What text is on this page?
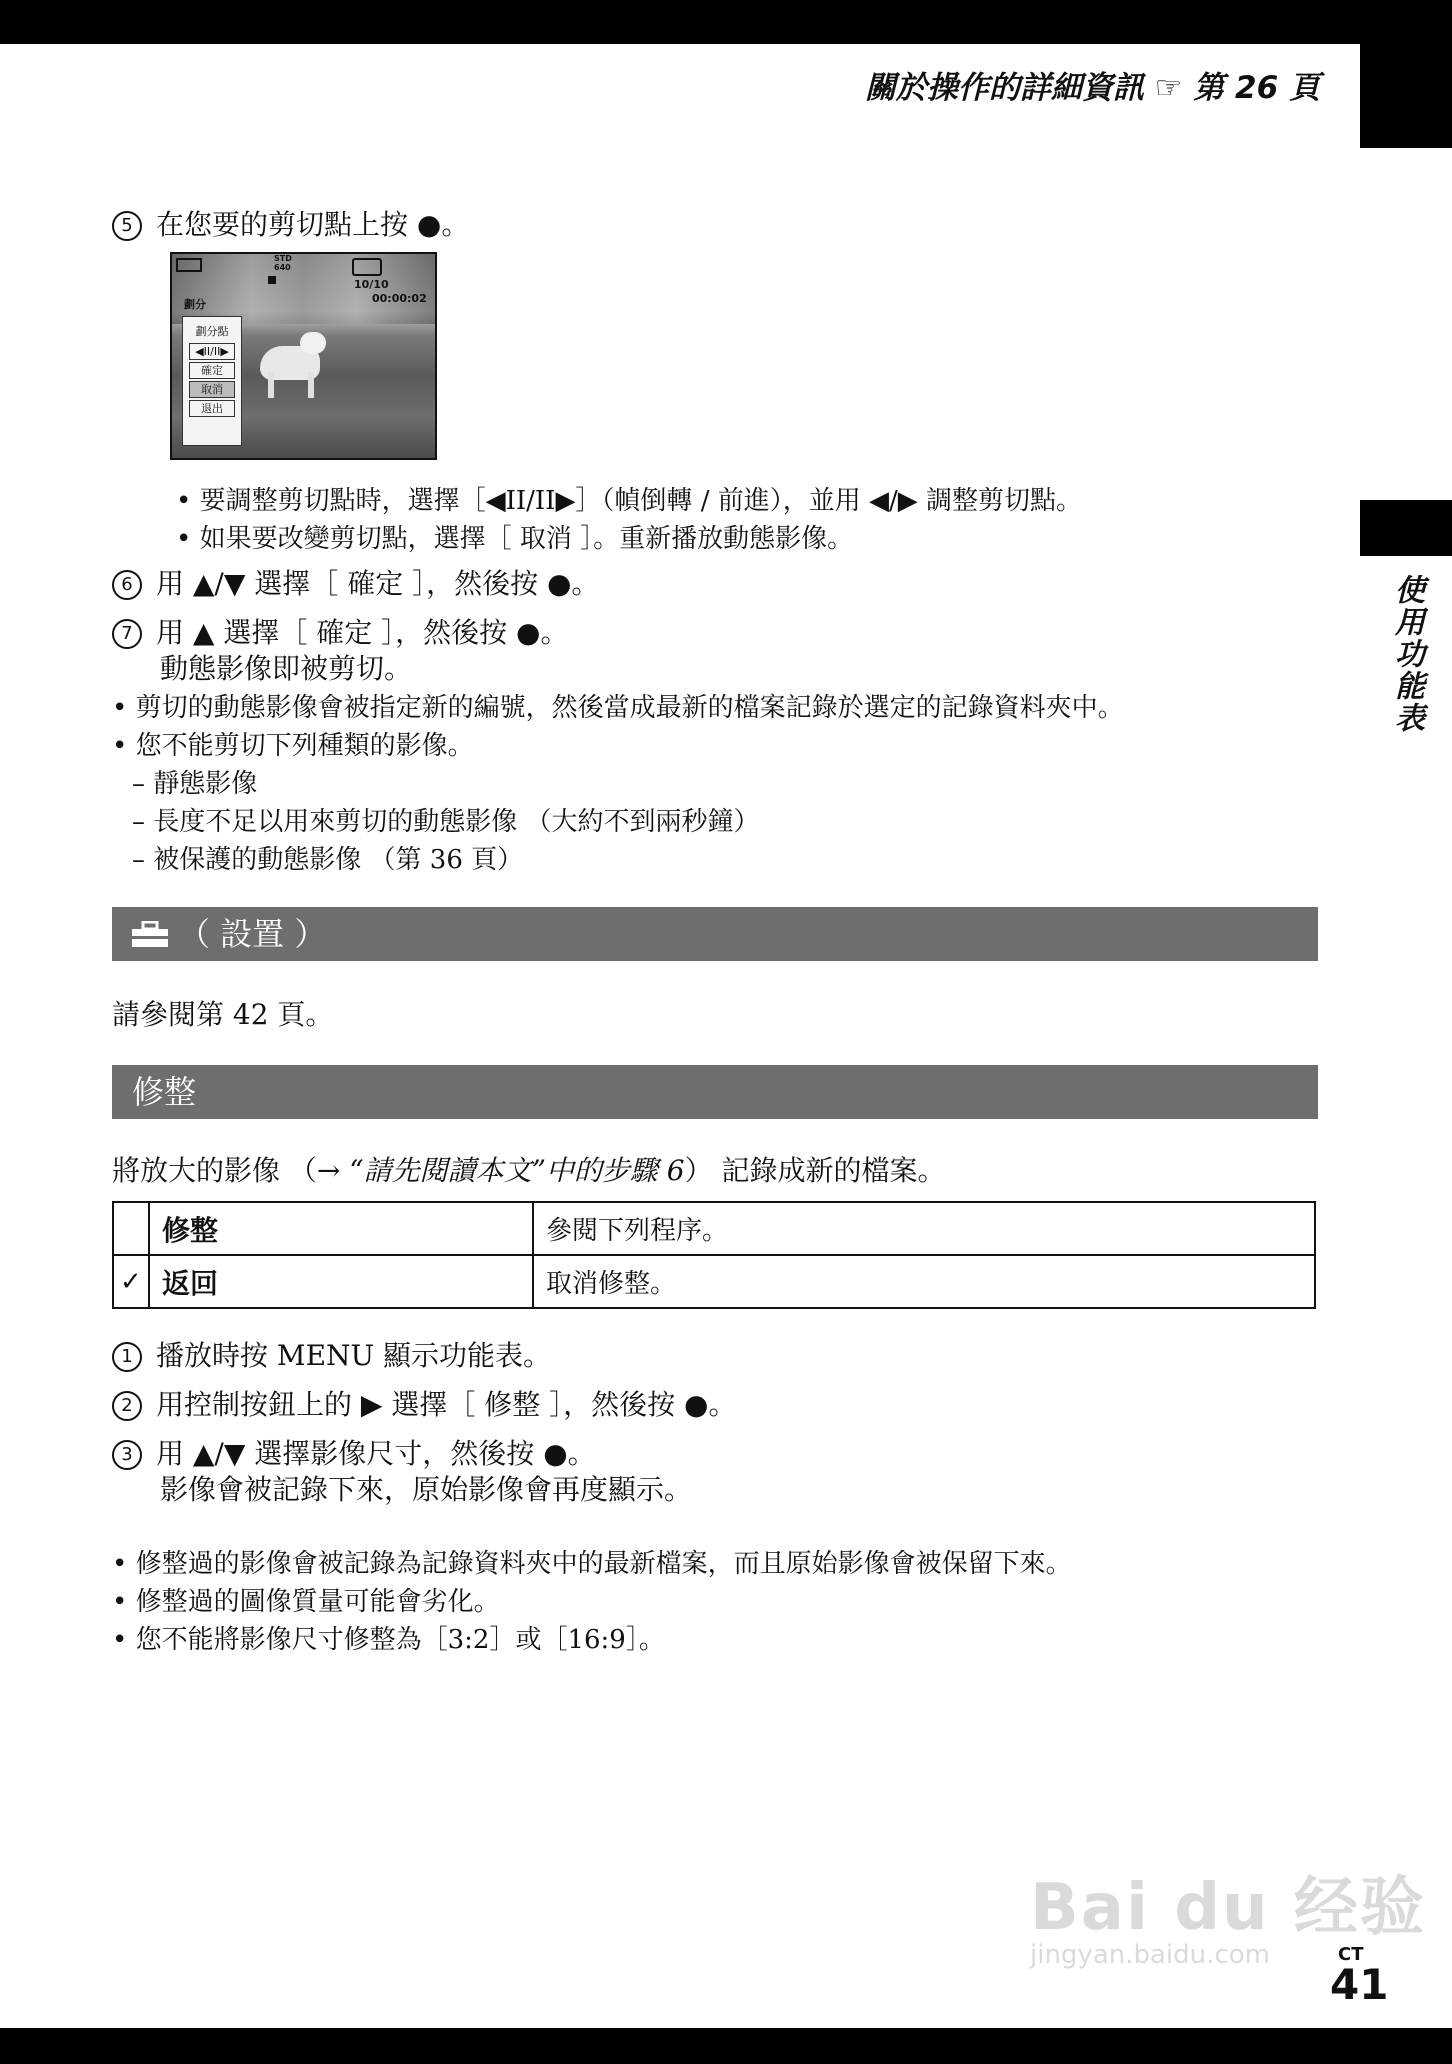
關於操作的詳細資訊 ☞ 第 26 頁
使用功能表
5 在您要的剪切點上按 ●。
STD
640
10/10
00:00:02
劃分
劃分點
◀II/II▶
確定
取消
退出
• 要調整剪切點時，選擇［◀II/II▶］（幀倒轉 / 前進），並用 ◀/▶ 調整剪切點。
• 如果要改變剪切點，選擇［ 取消 ］。重新播放動態影像。
6 用 ▲/▼ 選擇［ 確定 ］，然後按 ●。
7 用 ▲ 選擇［ 確定 ］，然後按 ●。
動態影像即被剪切。
• 剪切的動態影像會被指定新的編號，然後當成最新的檔案記錄於選定的記錄資料夾中。
• 您不能剪切下列種類的影像。
– 靜態影像
– 長度不足以用來剪切的動態影像 （大約不到兩秒鐘）
– 被保護的動態影像 （第 36 頁）
（ 設置 ）
請參閱第 42 頁。
修整
將放大的影像 （→ “請先閱讀本文”中的步驟 6） 記錄成新的檔案。
	修整	參閱下列程序。
✓	返回	取消修整。
1 播放時按 MENU 顯示功能表。
2 用控制按鈕上的 ▶ 選擇［ 修整 ］，然後按 ●。
3 用 ▲/▼ 選擇影像尺寸，然後按 ●。
影像會被記錄下來，原始影像會再度顯示。
• 修整過的影像會被記錄為記錄資料夾中的最新檔案，而且原始影像會被保留下來。
• 修整過的圖像質量可能會劣化。
• 您不能將影像尺寸修整為［3:2］或［16:9］。
Bai du 经验
jingyan.baidu.com	CT
41
